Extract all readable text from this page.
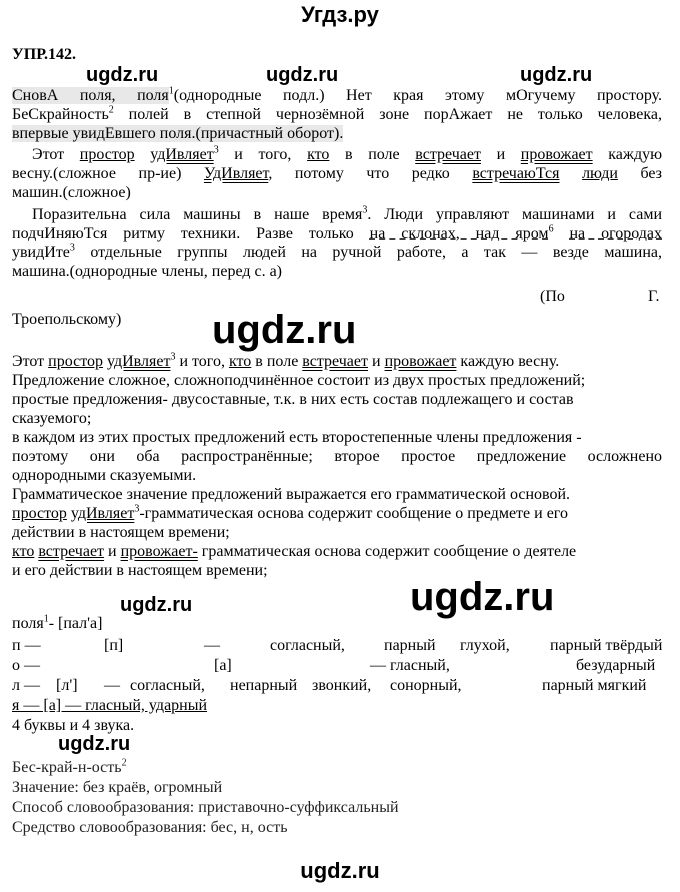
Угдз.ру
УПР.142.
ugdz.ru	ugdz.ru	ugdz.ru
ugdz.ru
ugdz.ru
ugdz.ru
ugdz.ru
СновА поля, поля$^1$(однородные подл.) Нет края этому мОгучему простору.
БеСкрайность$^2$ полей в степной чернозёмной зоне порАжает не только человека,
впервые увидЕвшего поля.(причастный оборот).
Этот простор удИвляет$^3$ и того, кто в поле встречает и провожает каждую
весну.(сложное пр-ие) УдИвляет, потому что редко встречаюТся люди без
машин.(сложное)
Поразительна сила машины в наше время$^3$. Люди управляют машинами и сами
подчИняюТся ритму техники. Разве только на склонах, над яром$^6$ на огородах
увидИте$^3$ отдельные группы людей на ручной работе, а так — везде машина,
машина.(однородные члены, перед с. а)
(По	Г.
Троепольскому)
Этот простор удИвляет$^3$ и того, кто в поле встречает и провожает каждую весну.
Предложение сложное, сложноподчинённое состоит из двух простых предложений;
простые предложения- двусоставные, т.к. в них есть состав подлежащего и состав
сказуемого;
в каждом из этих простых предложений есть второстепенные члены предложения -
поэтому они оба распространённые; второе простое предложение осложнено
однородными сказуемыми.
Грамматическое значение предложений выражается его грамматической основой.
простор удИвляет$^3$-грамматическая основа содержит сообщение о предмете и его
действии в настоящем времени;
кто встречает и провожает- грамматическая основа содержит сообщение о деятеле
и его действии в настоящем времени;
поля$^1$- [пал'а]
п —	[п]	—	согласный, парный глухой,	парный твёрдый
о —	[а]	— гласный,	безударный
л — [л'] — согласный, непарный звонкий, сонорный,	парный мягкий
я — [а] — гласный, ударный
4 буквы и 4 звука.
Бес-край-н-ость$^2$
Значение: без краёв, огромный
Способ словообразования: приставочно-суффиксальный
Средство словообразования: бес, н, ость
ugdz.ru
